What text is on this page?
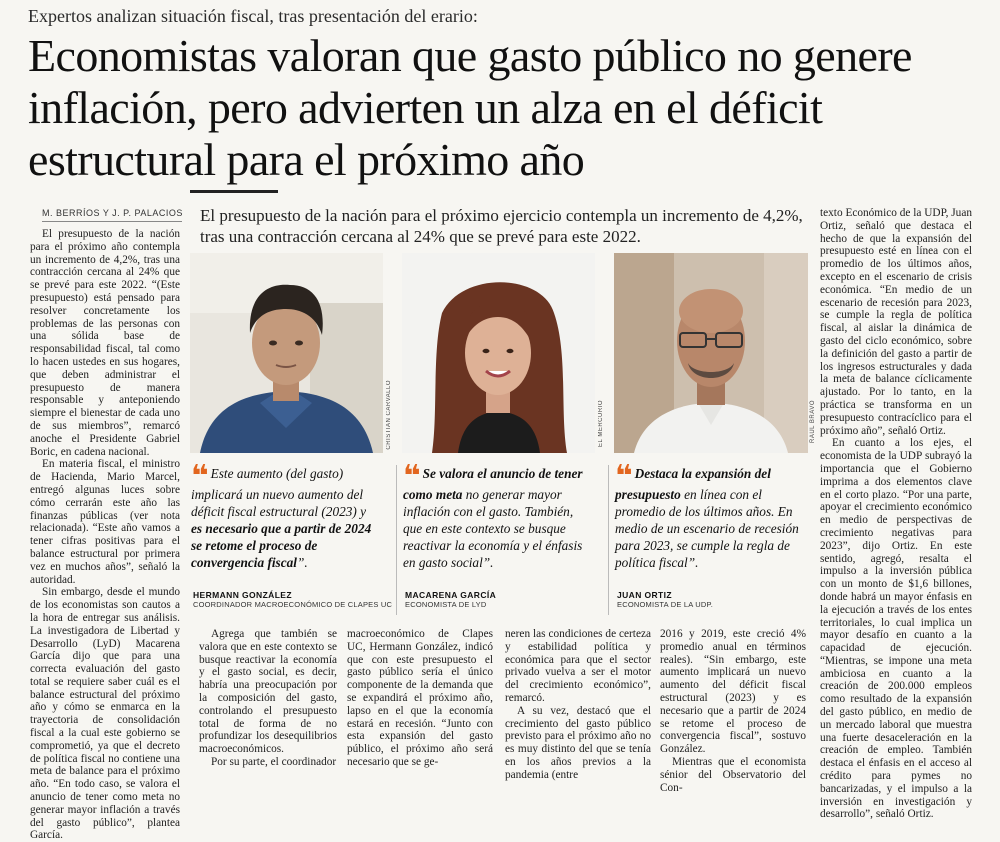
Expertos analizan situación fiscal, tras presentación del erario:
Economistas valoran que gasto público no genere inflación, pero advierten un alza en el déficit estructural para el próximo año
M. BERRÍOS Y J. P. PALACIOS El presupuesto de la nación para el próximo ejercicio contempla un incremento de 4,2%, tras una contracción cercana al 24% que se prevé para este 2022.

El presupuesto de la nación para el próximo año contempla un incremento de 4,2%, tras una contracción cercana al 24% que se prevé para este 2022. “(Este presupuesto) está pensado para resolver concretamente los problemas de las personas con una sólida base de responsabilidad fiscal, tal como lo hacen ustedes en sus hogares, que deben administrar el presupuesto de manera responsable y anteponiendo siempre el bienestar de cada uno de sus miembros”, remarcó anoche el Presidente Gabriel Boric, en cadena nacional.

En materia fiscal, el ministro de Hacienda, Mario Marcel, entregó algunas luces sobre cómo cerrarán este año las finanzas públicas (ver nota relacionada). “Este año vamos a tener cifras positivas para el balance estructural por primera vez en muchos años”, señaló la autoridad.

Sin embargo, desde el mundo de los economistas son cautos a la hora de entregar sus análisis. La investigadora de Libertad y Desarrollo (LyD) Macarena García dijo que para una correcta evaluación del gasto total se requiere saber cuál es el balance estructural del próximo año y cómo se enmarca en la trayectoria de consolidación fiscal a la cual este gobierno se comprometió, ya que el decreto de política fiscal no contiene una meta de balance para el próximo año. “En todo caso, se valora el anuncio de tener como meta no generar mayor inflación a través del gasto público”, plantea García.

CRISTIAN CARVALLO	EL MERCURIO	RAÚL BRAVO
❝ Este aumento (del gasto) implicará un nuevo aumento del déficit fiscal estructural (2023) y es necesario que a partir de 2024 se retome el proceso de convergencia fiscal”.
❝ Se valora el anuncio de tener como meta no generar mayor inflación con el gasto. También, que en este contexto se busque reactivar la economía y el énfasis en gasto social”.
❝ Destaca la expansión del presupuesto en línea con el promedio de los últimos años. En medio de un escenario de recesión para 2023, se cumple la regla de política fiscal”.
HERMANN GONZÁLEZ
COORDINADOR MACROECONÓMICO DE CLAPES UC
MACARENA GARCÍA
ECONOMISTA DE LYD
JUAN ORTIZ
ECONOMISTA DE LA UDP.

Agrega que también se valora que en este contexto se busque reactivar la economía y el gasto social, es decir, habría una preocupación por la composición del gasto, controlando el presupuesto total de forma de no profundizar los desequilibrios macroeconómicos.

Por su parte, el coordinador

macroeconómico de Clapes UC, Hermann González, indicó que con este presupuesto el gasto público sería el único componente de la demanda que se expandirá el próximo año, lapso en el que la economía estará en recesión. “Junto con esta expansión del gasto público, el próximo año será necesario que se ge-

neren las condiciones de certeza y estabilidad política y económica para que el sector privado vuelva a ser el motor del crecimiento económico”, remarcó.

A su vez, destacó que el crecimiento del gasto público previsto para el próximo año no es muy distinto del que se tenía en los años previos a la pandemia (entre

2016 y 2019, este creció 4% promedio anual en términos reales). “Sin embargo, este aumento implicará un nuevo aumento del déficit fiscal estructural (2023) y es necesario que a partir de 2024 se retome el proceso de convergencia fiscal”, sostuvo González.

Mientras que el economista sénior del Observatorio del Con-

texto Económico de la UDP, Juan Ortiz, señaló que destaca el hecho de que la expansión del presupuesto esté en línea con el promedio de los últimos años, excepto en el escenario de crisis económica. “En medio de un escenario de recesión para 2023, se cumple la regla de política fiscal, al aislar la dinámica de gasto del ciclo económico, sobre la definición del gasto a partir de los ingresos estructurales y dada la meta de balance cíclicamente ajustado. Por lo tanto, en la práctica se transforma en un presupuesto contracíclico para el próximo año”, señaló Ortiz.

En cuanto a los ejes, el economista de la UDP subrayó la importancia que el Gobierno imprima a dos elementos clave en el corto plazo. “Por una parte, apoyar el crecimiento económico en medio de perspectivas de crecimiento negativas para 2023”, dijo Ortiz. En este sentido, agregó, resalta el impulso a la inversión pública con un monto de $1,6 billones, donde habrá un mayor énfasis en la ejecución a través de los entes territoriales, lo cual implica un mayor desafío en cuanto a la capacidad de ejecución. “Mientras, se impone una meta ambiciosa en cuanto a la creación de 200.000 empleos como resultado de la expansión del gasto público, en medio de un mercado laboral que muestra una fuerte desaceleración en la creación de empleo. También destaca el énfasis en el acceso al crédito para pymes no bancarizadas, y el impulso a la inversión en investigación y desarrollo”, señaló Ortiz.
